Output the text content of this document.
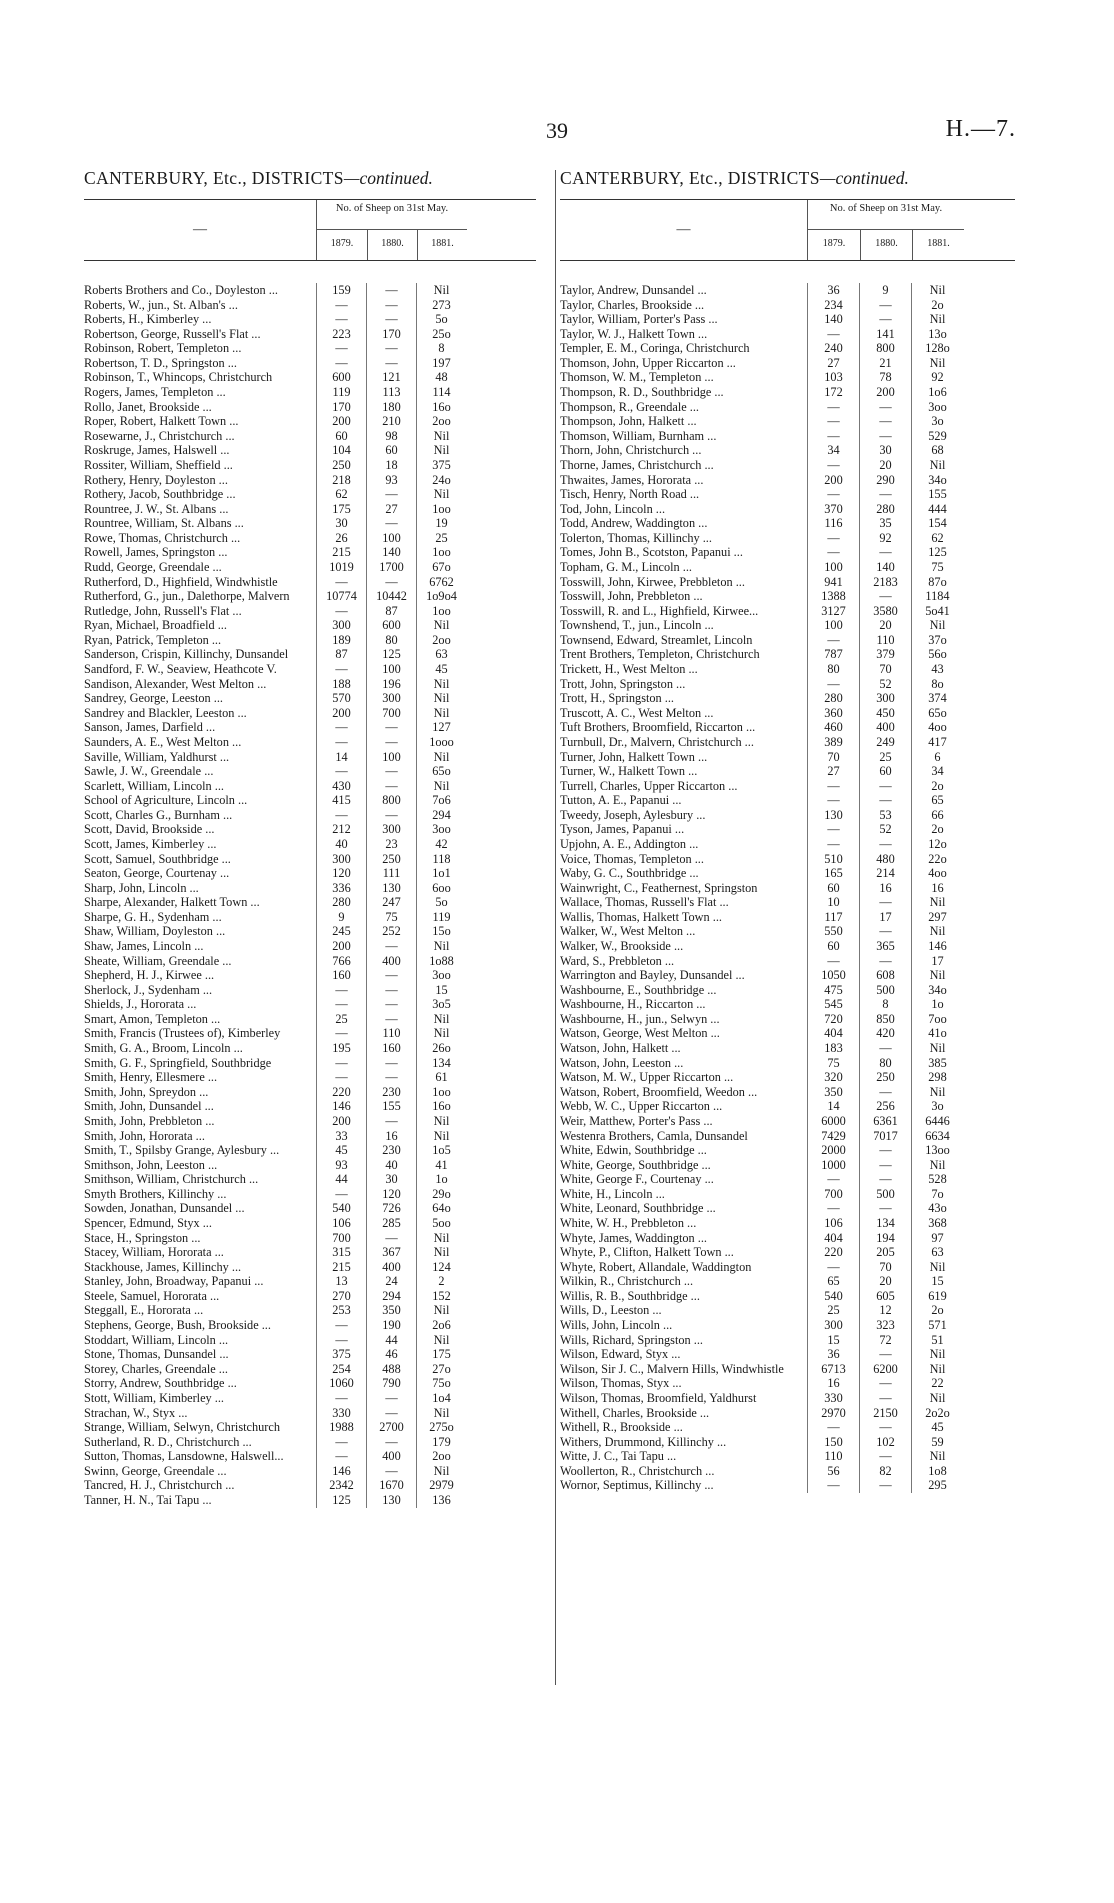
39	H.—7.
CANTERBURY, Etc., DISTRICTS—continued.
—
No. of Sheep on 31st May.
1879.	1880.	1881.
Roberts Brothers and Co., Doyleston ...	159	—	Nil
Roberts, W., jun., St. Alban's ...	—	—	273
Roberts, H., Kimberley ...	—	—	5o
Robertson, George, Russell's Flat ...	223	170	25o
Robinson, Robert, Templeton ...	—	—	8
Robertson, T. D., Springston ...	—	—	197
Robinson, T., Whincops, Christchurch	600	121	48
Rogers, James, Templeton ...	119	113	114
Rollo, Janet, Brookside ...	170	180	16o
Roper, Robert, Halkett Town ...	200	210	2oo
Rosewarne, J., Christchurch ...	60	98	Nil
Roskruge, James, Halswell ...	104	60	Nil
Rossiter, William, Sheffield ...	250	18	375
Rothery, Henry, Doyleston ...	218	93	24o
Rothery, Jacob, Southbridge ...	62	—	Nil
Rountree, J. W., St. Albans ...	175	27	1oo
Rountree, William, St. Albans ...	30	—	19
Rowe, Thomas, Christchurch ...	26	100	25
Rowell, James, Springston ...	215	140	1oo
Rudd, George, Greendale ...	1019	1700	67o
Rutherford, D., Highfield, Windwhistle	—	—	6762
Rutherford, G., jun., Dalethorpe, Malvern	10774	10442	1o9o4
Rutledge, John, Russell's Flat ...	—	87	1oo
Ryan, Michael, Broadfield ...	300	600	Nil
Ryan, Patrick, Templeton ...	189	80	2oo
Sanderson, Crispin, Killinchy, Dunsandel	87	125	63
Sandford, F. W., Seaview, Heathcote V.	—	100	45
Sandison, Alexander, West Melton ...	188	196	Nil
Sandrey, George, Leeston ...	570	300	Nil
Sandrey and Blackler, Leeston ...	200	700	Nil
Sanson, James, Darfield ...	—	—	127
Saunders, A. E., West Melton ...	—	—	1ooo
Saville, William, Yaldhurst ...	14	100	Nil
Sawle, J. W., Greendale ...	—	—	65o
Scarlett, William, Lincoln ...	430	—	Nil
School of Agriculture, Lincoln ...	415	800	7o6
Scott, Charles G., Burnham ...	—	—	294
Scott, David, Brookside ...	212	300	3oo
Scott, James, Kimberley ...	40	23	42
Scott, Samuel, Southbridge ...	300	250	118
Seaton, George, Courtenay ...	120	111	1o1
Sharp, John, Lincoln ...	336	130	6oo
Sharpe, Alexander, Halkett Town ...	280	247	5o
Sharpe, G. H., Sydenham ...	9	75	119
Shaw, William, Doyleston ...	245	252	15o
Shaw, James, Lincoln ...	200	—	Nil
Sheate, William, Greendale ...	766	400	1o88
Shepherd, H. J., Kirwee ...	160	—	3oo
Sherlock, J., Sydenham ...	—	—	15
Shields, J., Hororata ...	—	—	3o5
Smart, Amon, Templeton ...	25	—	Nil
Smith, Francis (Trustees of), Kimberley	—	110	Nil
Smith, G. A., Broom, Lincoln ...	195	160	26o
Smith, G. F., Springfield, Southbridge	—	—	134
Smith, Henry, Ellesmere ...	—	—	61
Smith, John, Spreydon ...	220	230	1oo
Smith, John, Dunsandel ...	146	155	16o
Smith, John, Prebbleton ...	200	—	Nil
Smith, John, Hororata ...	33	16	Nil
Smith, T., Spilsby Grange, Aylesbury ...	45	230	1o5
Smithson, John, Leeston ...	93	40	41
Smithson, William, Christchurch ...	44	30	1o
Smyth Brothers, Killinchy ...	—	120	29o
Sowden, Jonathan, Dunsandel ...	540	726	64o
Spencer, Edmund, Styx ...	106	285	5oo
Stace, H., Springston ...	700	—	Nil
Stacey, William, Hororata ...	315	367	Nil
Stackhouse, James, Killinchy ...	215	400	124
Stanley, John, Broadway, Papanui ...	13	24	2
Steele, Samuel, Hororata ...	270	294	152
Steggall, E., Hororata ...	253	350	Nil
Stephens, George, Bush, Brookside ...	—	190	2o6
Stoddart, William, Lincoln ...	—	44	Nil
Stone, Thomas, Dunsandel ...	375	46	175
Storey, Charles, Greendale ...	254	488	27o
Storry, Andrew, Southbridge ...	1060	790	75o
Stott, William, Kimberley ...	—	—	1o4
Strachan, W., Styx ...	330	—	Nil
Strange, William, Selwyn, Christchurch	1988	2700	275o
Sutherland, R. D., Christchurch ...	—	—	179
Sutton, Thomas, Lansdowne, Halswell...	—	400	2oo
Swinn, George, Greendale ...	146	—	Nil
Tancred, H. J., Christchurch ...	2342	1670	2979
Tanner, H. N., Tai Tapu ...	125	130	136
CANTERBURY, Etc., DISTRICTS—continued.
—
No. of Sheep on 31st May.
1879.	1880.	1881.
Taylor, Andrew, Dunsandel ...	36	9	Nil
Taylor, Charles, Brookside ...	234	—	2o
Taylor, William, Porter's Pass ...	140	—	Nil
Taylor, W. J., Halkett Town ...	—	141	13o
Templer, E. M., Coringa, Christchurch	240	800	128o
Thomson, John, Upper Riccarton ...	27	21	Nil
Thomson, W. M., Templeton ...	103	78	92
Thompson, R. D., Southbridge ...	172	200	1o6
Thompson, R., Greendale ...	—	—	3oo
Thompson, John, Halkett ...	—	—	3o
Thomson, William, Burnham ...	—	—	529
Thorn, John, Christchurch ...	34	30	68
Thorne, James, Christchurch ...	—	20	Nil
Thwaites, James, Hororata ...	200	290	34o
Tisch, Henry, North Road ...	—	—	155
Tod, John, Lincoln ...	370	280	444
Todd, Andrew, Waddington ...	116	35	154
Tolerton, Thomas, Killinchy ...	—	92	62
Tomes, John B., Scotston, Papanui ...	—	—	125
Topham, G. M., Lincoln ...	100	140	75
Tosswill, John, Kirwee, Prebbleton ...	941	2183	87o
Tosswill, John, Prebbleton ...	1388	—	1184
Tosswill, R. and L., Highfield, Kirwee...	3127	3580	5o41
Townshend, T., jun., Lincoln ...	100	20	Nil
Townsend, Edward, Streamlet, Lincoln	—	110	37o
Trent Brothers, Templeton, Christchurch	787	379	56o
Trickett, H., West Melton ...	80	70	43
Trott, John, Springston ...	—	52	8o
Trott, H., Springston ...	280	300	374
Truscott, A. C., West Melton ...	360	450	65o
Tuft Brothers, Broomfield, Riccarton ...	460	400	4oo
Turnbull, Dr., Malvern, Christchurch ...	389	249	417
Turner, John, Halkett Town ...	70	25	6
Turner, W., Halkett Town ...	27	60	34
Turrell, Charles, Upper Riccarton ...	—	—	2o
Tutton, A. E., Papanui ...	—	—	65
Tweedy, Joseph, Aylesbury ...	130	53	66
Tyson, James, Papanui ...	—	52	2o
Upjohn, A. E., Addington ...	—	—	12o
Voice, Thomas, Templeton ...	510	480	22o
Waby, G. C., Southbridge ...	165	214	4oo
Wainwright, C., Feathernest, Springston	60	16	16
Wallace, Thomas, Russell's Flat ...	10	—	Nil
Wallis, Thomas, Halkett Town ...	117	17	297
Walker, W., West Melton ...	550	—	Nil
Walker, W., Brookside ...	60	365	146
Ward, S., Prebbleton ...	—	—	17
Warrington and Bayley, Dunsandel ...	1050	608	Nil
Washbourne, E., Southbridge ...	475	500	34o
Washbourne, H., Riccarton ...	545	8	1o
Washbourne, H., jun., Selwyn ...	720	850	7oo
Watson, George, West Melton ...	404	420	41o
Watson, John, Halkett ...	183	—	Nil
Watson, John, Leeston ...	75	80	385
Watson, M. W., Upper Riccarton ...	320	250	298
Watson, Robert, Broomfield, Weedon ...	350	—	Nil
Webb, W. C., Upper Riccarton ...	14	256	3o
Weir, Matthew, Porter's Pass ...	6000	6361	6446
Westenra Brothers, Camla, Dunsandel	7429	7017	6634
White, Edwin, Southbridge ...	2000	—	13oo
White, George, Southbridge ...	1000	—	Nil
White, George F., Courtenay ...	—	—	528
White, H., Lincoln ...	700	500	7o
White, Leonard, Southbridge ...	—	—	43o
White, W. H., Prebbleton ...	106	134	368
Whyte, James, Waddington ...	404	194	97
Whyte, P., Clifton, Halkett Town ...	220	205	63
Whyte, Robert, Allandale, Waddington	—	70	Nil
Wilkin, R., Christchurch ...	65	20	15
Willis, R. B., Southbridge ...	540	605	619
Wills, D., Leeston ...	25	12	2o
Wills, John, Lincoln ...	300	323	571
Wills, Richard, Springston ...	15	72	51
Wilson, Edward, Styx ...	36	—	Nil
Wilson, Sir J. C., Malvern Hills, Windwhistle	6713	6200	Nil
Wilson, Thomas, Styx ...	16	—	22
Wilson, Thomas, Broomfield, Yaldhurst	330	—	Nil
Withell, Charles, Brookside ...	2970	2150	2o2o
Withell, R., Brookside ...	—	—	45
Withers, Drummond, Killinchy ...	150	102	59
Witte, J. C., Tai Tapu ...	110	—	Nil
Woollerton, R., Christchurch ...	56	82	1o8
Wornor, Septimus, Killinchy ...	—	—	295
